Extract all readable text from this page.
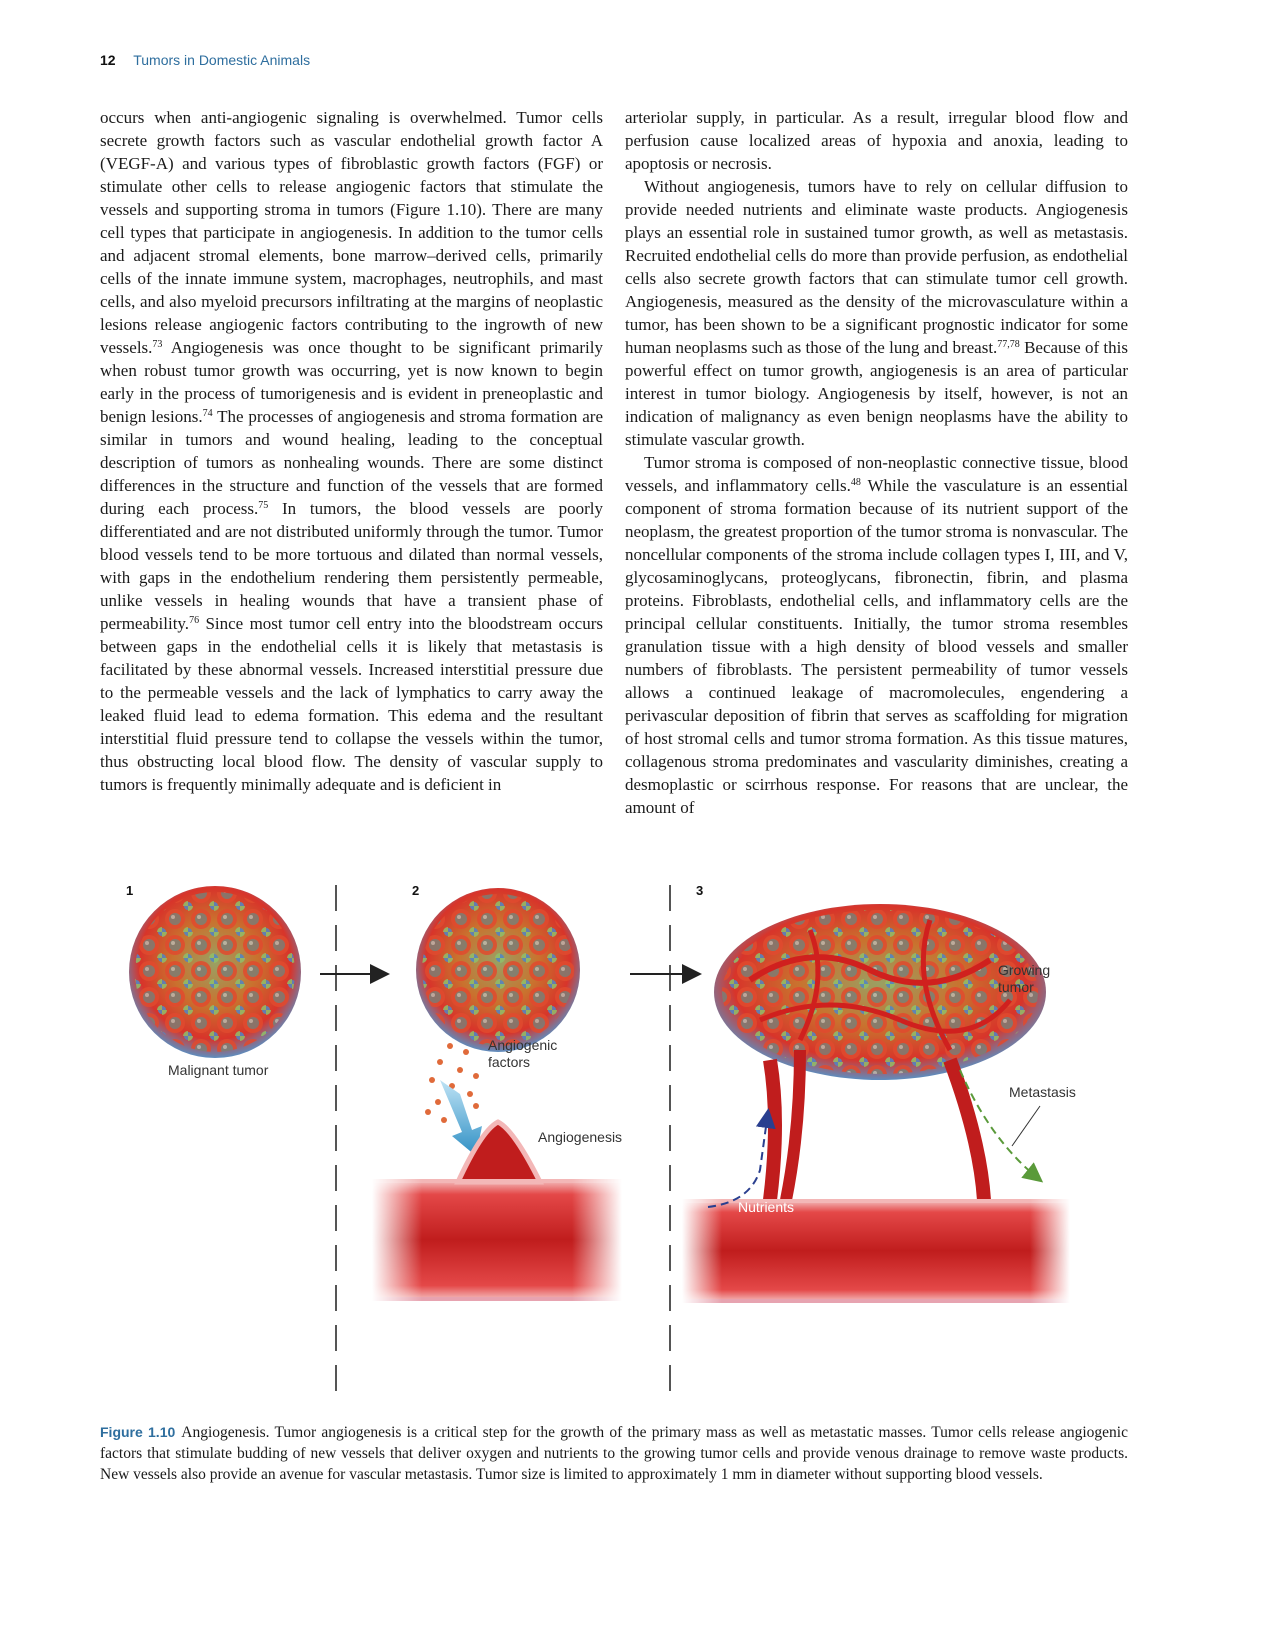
12 Tumors in Domestic Animals

occurs when anti-angiogenic signaling is overwhelmed. Tumor cells secrete growth factors such as vascular endothelial growth factor A (VEGF-A) and various types of fibroblastic growth factors (FGF) or stimulate other cells to release angiogenic factors that stimulate the vessels and supporting stroma in tumors (Figure 1.10). There are many cell types that participate in angiogenesis. In addition to the tumor cells and adjacent stromal elements, bone marrow–derived cells, primarily cells of the innate immune system, macrophages, neutrophils, and mast cells, and also myeloid precursors infiltrating at the margins of neoplastic lesions release angiogenic factors contributing to the ingrowth of new vessels.$^{73}$ Angiogenesis was once thought to be significant primarily when robust tumor growth was occurring, yet is now known to begin early in the process of tumorigenesis and is evident in preneoplastic and benign lesions.$^{74}$ The processes of angiogenesis and stroma formation are similar in tumors and wound healing, leading to the conceptual description of tumors as nonhealing wounds. There are some distinct differences in the structure and function of the vessels that are formed during each process.$^{75}$ In tumors, the blood vessels are poorly differentiated and are not distributed uniformly through the tumor. Tumor blood vessels tend to be more tortuous and dilated than normal vessels, with gaps in the endothelium rendering them persistently permeable, unlike vessels in healing wounds that have a transient phase of permeability.$^{76}$ Since most tumor cell entry into the bloodstream occurs between gaps in the endothelial cells it is likely that metastasis is facilitated by these abnormal vessels. Increased interstitial pressure due to the permeable vessels and the lack of lymphatics to carry away the leaked fluid lead to edema formation. This edema and the resultant interstitial fluid pressure tend to collapse the vessels within the tumor, thus obstructing local blood flow. The density of vascular supply to tumors is frequently minimally adequate and is deficient in

arteriolar supply, in particular. As a result, irregular blood flow and perfusion cause localized areas of hypoxia and anoxia, leading to apoptosis or necrosis.

Without angiogenesis, tumors have to rely on cellular diffusion to provide needed nutrients and eliminate waste products. Angiogenesis plays an essential role in sustained tumor growth, as well as metastasis. Recruited endothelial cells do more than provide perfusion, as endothelial cells also secrete growth factors that can stimulate tumor cell growth. Angiogenesis, measured as the density of the microvasculature within a tumor, has been shown to be a significant prognostic indicator for some human neoplasms such as those of the lung and breast.$^{77,78}$ Because of this powerful effect on tumor growth, angiogenesis is an area of particular interest in tumor biology. Angiogenesis by itself, however, is not an indication of malignancy as even benign neoplasms have the ability to stimulate vascular growth.

Tumor stroma is composed of non-neoplastic connective tissue, blood vessels, and inflammatory cells.$^{48}$ While the vasculature is an essential component of stroma formation because of its nutrient support of the neoplasm, the greatest proportion of the tumor stroma is nonvascular. The noncellular components of the stroma include collagen types I, III, and V, glycosaminoglycans, proteoglycans, fibronectin, fibrin, and plasma proteins. Fibroblasts, endothelial cells, and inflammatory cells are the principal cellular constituents. Initially, the tumor stroma resembles granulation tissue with a high density of blood vessels and smaller numbers of fibroblasts. The persistent permeability of tumor vessels allows a continued leakage of macromolecules, engendering a perivascular deposition of fibrin that serves as scaffolding for migration of host stromal cells and tumor stroma formation. As this tissue matures, collagenous stroma predominates and vascularity diminishes, creating a desmoplastic or scirrhous response. For reasons that are unclear, the amount of

1
Malignant tumor
2
Angiogenic
factors
Angiogenesis
3
Nutrients
Metastasis
Growing
tumor
Figure 1.10 Angiogenesis. Tumor angiogenesis is a critical step for the growth of the primary mass as well as metastatic masses. Tumor cells release angiogenic factors that stimulate budding of new vessels that deliver oxygen and nutrients to the growing tumor cells and provide venous drainage to remove waste products. New vessels also provide an avenue for vascular metastasis. Tumor size is limited to approximately 1 mm in diameter without supporting blood vessels.
